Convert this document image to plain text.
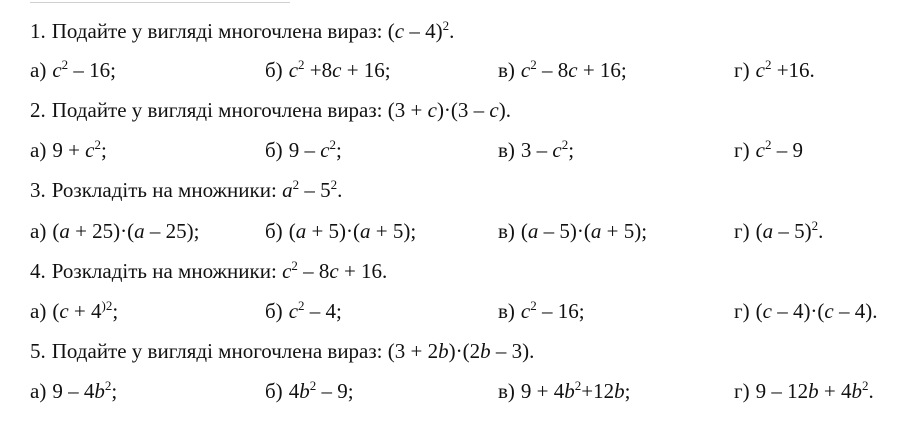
1. Подайте у вигляді многочлена вираз: (c – 4)$^2$.
а) $c^2 - 16$;	б) $c^2 +8c + 16$;	в) $c^2 - 8c + 16$;	г) $c^2 +16$.
2. Подайте у вигляді многочлена вираз: (3 + c)·(3 – c).
а) $9 + c^2$;	б) $9 - c^2$;	в) $3 - c^2$;	г) $c^2 - 9$
3. Розкладіть на множники: $a^2 - 5^2$.
а) (a + 25)·(a – 25);	б) (a + 5)·(a + 5);	в) (a – 5)·(a + 5);	г) (a – 5)$^2$.
4. Розкладіть на множники: $c^2 - 8c + 16$.
а) ($c + 4^{)2}$;	б) $c^2 - 4$;	в) $c^2 - 16$;	г) (c – 4)·(c – 4).
5. Подайте у вигляді многочлена вираз: (3 + 2b)·(2b – 3).
а) $9 - 4b^2$;	б) $4b^2 - 9$;	в) $9 + 4b^2+12b$;	г) $9 - 12b + 4b^2$.
